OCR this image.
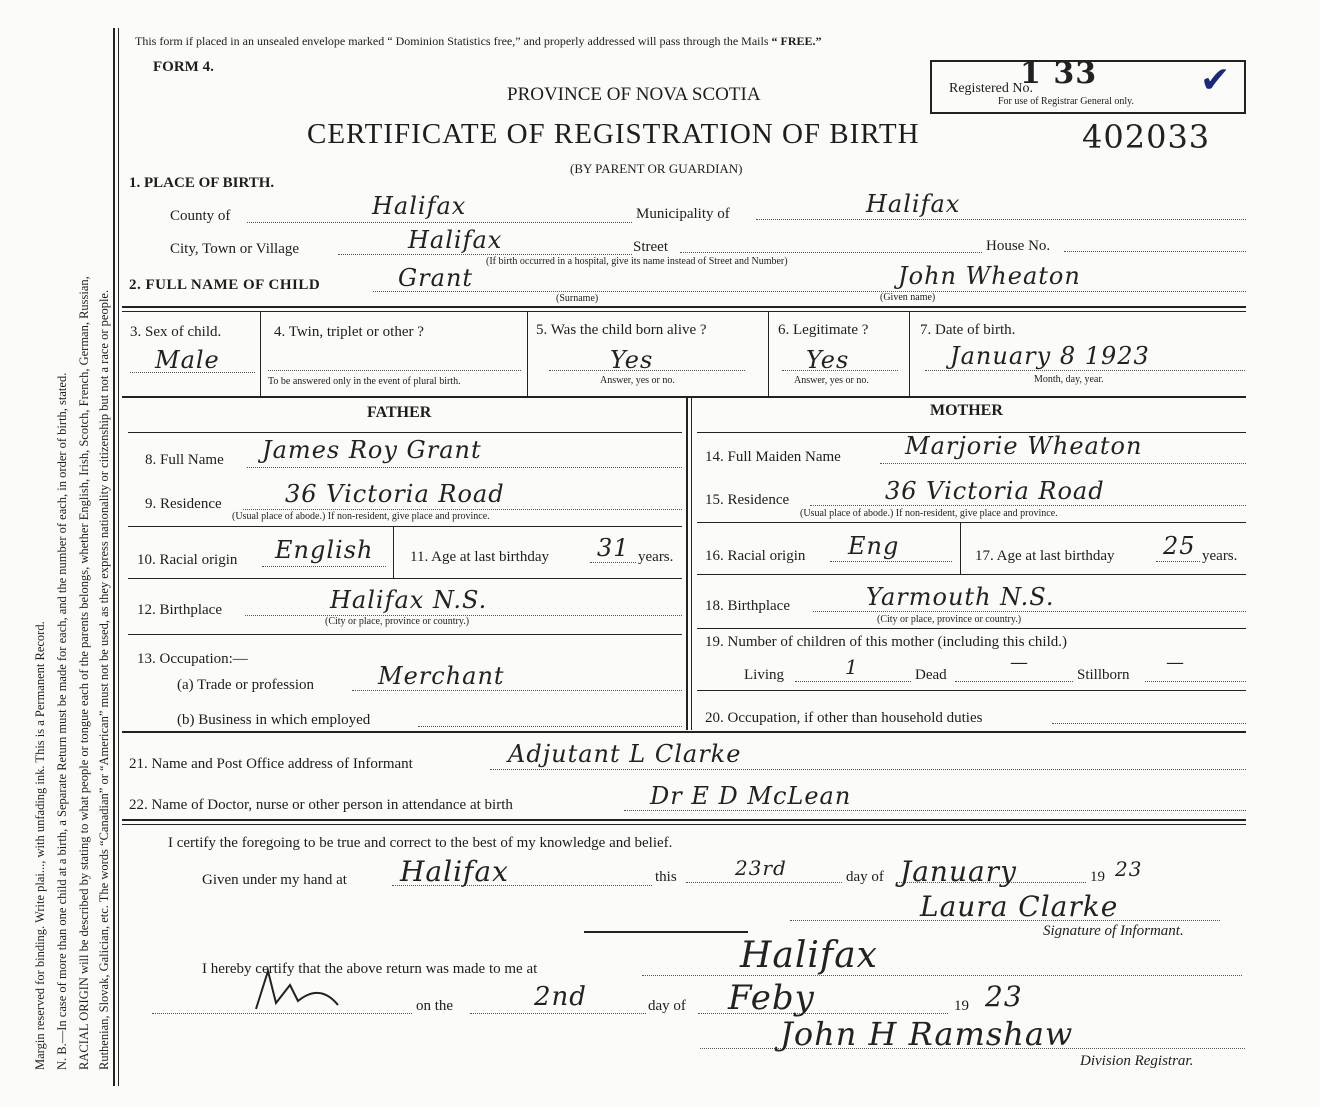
Margin reserved for binding. Write plai..., with unfading ink. This is a Permanent Record. N. B.—In case of more than one child at a birth, a Separate Return must be made for each, and the number of each, in order of birth, stated. RACIAL ORIGIN will be described by stating to what people or tongue each of the parents belongs, whether English, Irish, Scotch, French, German, Russian, Ruthenian, Slovak, Galician, etc. The words “Canadian” or “American” must not be used, as they express nationality or citizenship but not a race or people.
This form if placed in an unsealed envelope marked “ Dominion Statistics free,” and properly addressed will pass through the Mails “ FREE.”
FORM 4.
PROVINCE OF NOVA SCOTIA
CERTIFICATE OF REGISTRATION OF BIRTH
(BY PARENT OR GUARDIAN)
Registered No.
1 33
For use of Registrar General only.
✔
402033
1. PLACE OF BIRTH.
County of	Halifax	Municipality of	Halifax
City, Town or Village	Halifax	Street	House No.
(If birth occurred in a hospital, give its name instead of Street and Number)
2. FULL NAME OF CHILD	Grant
(Surname)
John Wheaton
(Given name)
3. Sex of child.
Male
4. Twin, triplet or other ?
To be answered only in the event of plural birth.
5. Was the child born alive ?
Yes
Answer, yes or no.
6. Legitimate ?
Yes
Answer, yes or no.
7. Date of birth.
January 8 1923
Month, day, year.
FATHER	MOTHER
8. Full Name James Roy Grant
9. Residence	36 Victoria Road
(Usual place of abode.) If non-resident, give place and province.
10. Racial origin English 11. Age at last birthday 31 years.
12. Birthplace	Halifax N.S.
(City or place, province or country.)
13. Occupation:—
(a) Trade or profession	Merchant
(b) Business in which employed
14. Full Maiden Name	Marjorie Wheaton
15. Residence	36 Victoria Road
(Usual place of abode.) If non-resident, give place and province.
16. Racial origin Eng	17. Age at last birthday 25 years.
18. Birthplace	Yarmouth N.S.
(City or place, province or country.)
19. Number of children of this mother (including this child.)
Living	1	Dead
—
Stillborn
—
20. Occupation, if other than household duties
21. Name and Post Office address of Informant	Adjutant L Clarke
22. Name of Doctor, nurse or other person in attendance at birth	Dr E D McLean
I certify the foregoing to be true and correct to the best of my knowledge and belief.
Given under my hand at Halifax	this	23rd	day of January	19 23
Laura Clarke
Signature of Informant.
I hereby certify that the above return was made to me at	Halifax
on the	2nd	day of Feby	19 23
John H Ramshaw
Division Registrar.
